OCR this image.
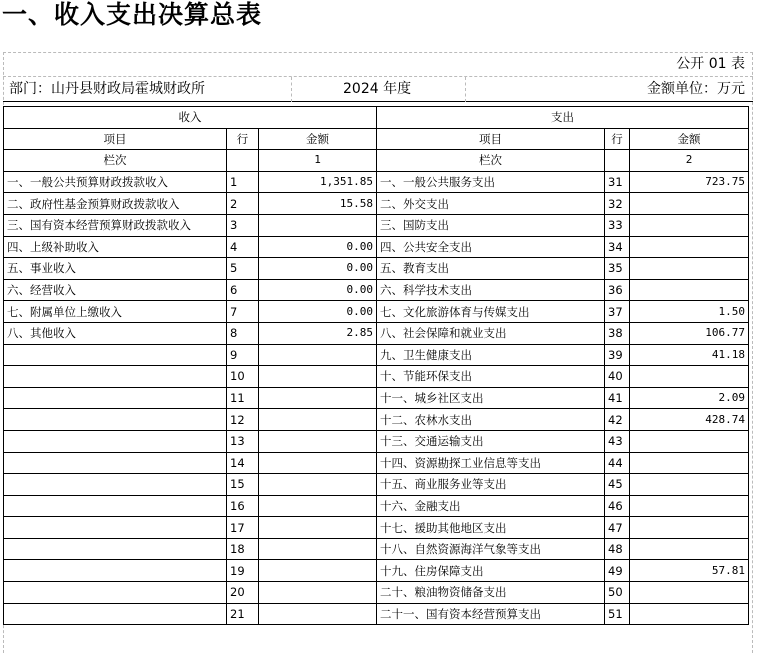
一、收入支出决算总表
公开 01 表
部门：山丹县财政局霍城财政所	2024 年度	金额单位：万元
收入			支出		
项目	行	金额	项目	行	金额
栏次		1	栏次		2
一、一般公共预算财政拨款收入	1	1,351.85	一、一般公共服务支出	31	723.75
二、政府性基金预算财政拨款收入	2	15.58	二、外交支出	32	
三、国有资本经营预算财政拨款收入	3		三、国防支出	33	
四、上级补助收入	4	0.00	四、公共安全支出	34	
五、事业收入	5	0.00	五、教育支出	35	
六、经营收入	6	0.00	六、科学技术支出	36	
七、附属单位上缴收入	7	0.00	七、文化旅游体育与传媒支出	37	1.50
八、其他收入	8	2.85	八、社会保障和就业支出	38	106.77
	9		九、卫生健康支出	39	41.18
	10		十、节能环保支出	40	
	11		十一、城乡社区支出	41	2.09
	12		十二、农林水支出	42	428.74
	13		十三、交通运输支出	43	
	14		十四、资源勘探工业信息等支出	44	
	15		十五、商业服务业等支出	45	
	16		十六、金融支出	46	
	17		十七、援助其他地区支出	47	
	18		十八、自然资源海洋气象等支出	48	
	19		十九、住房保障支出	49	57.81
	20		二十、粮油物资储备支出	50	
	21		二十一、国有资本经营预算支出	51	
